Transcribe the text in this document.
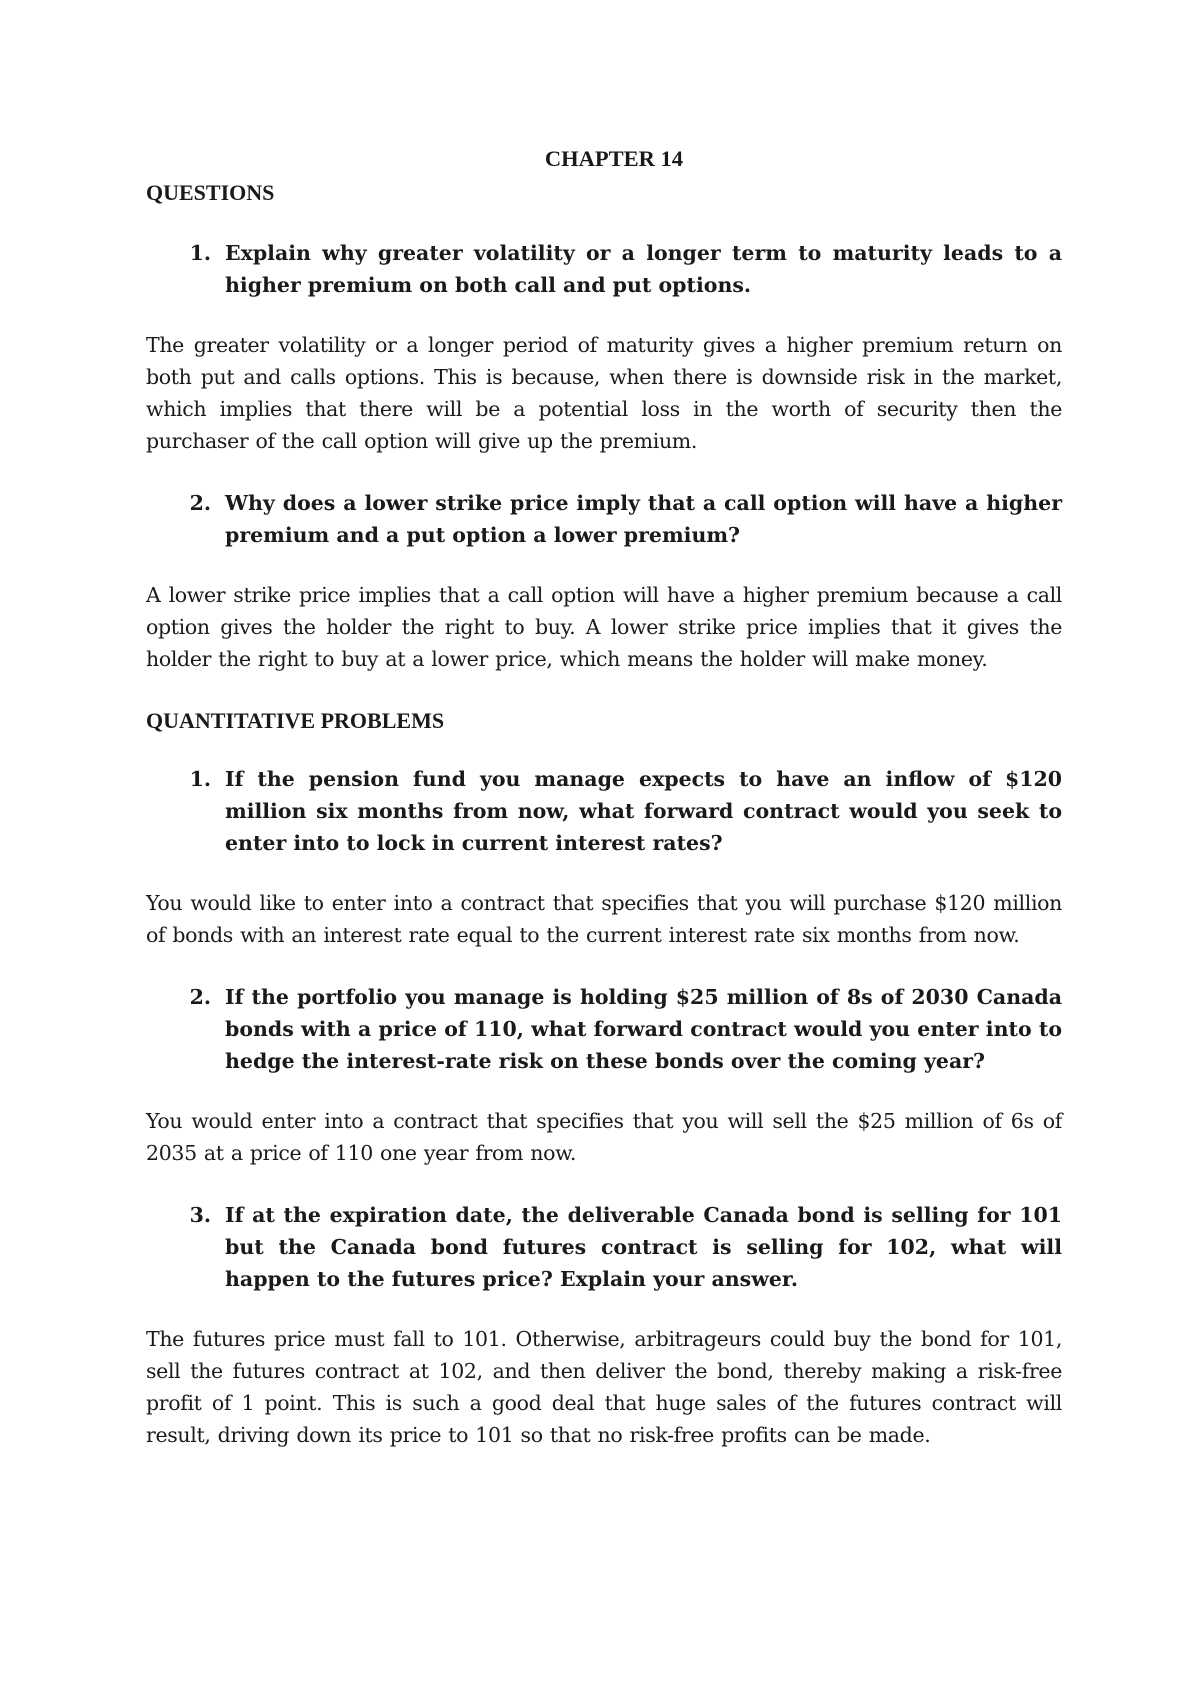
CHAPTER 14
QUESTIONS
1. Explain why greater volatility or a longer term to maturity leads to a higher premium on both call and put options.

The greater volatility or a longer period of maturity gives a higher premium return on both put and calls options. This is because, when there is downside risk in the market, which implies that there will be a potential loss in the worth of security then the purchaser of the call option will give up the premium.

2. Why does a lower strike price imply that a call option will have a higher premium and a put option a lower premium?

A lower strike price implies that a call option will have a higher premium because a call option gives the holder the right to buy. A lower strike price implies that it gives the holder the right to buy at a lower price, which means the holder will make money.

QUANTITATIVE PROBLEMS
1. If the pension fund you manage expects to have an inflow of $120 million six months from now, what forward contract would you seek to enter into to lock in current interest rates?

You would like to enter into a contract that specifies that you will purchase $120 million of bonds with an interest rate equal to the current interest rate six months from now.

2. If the portfolio you manage is holding $25 million of 8s of 2030 Canada bonds with a price of 110, what forward contract would you enter into to hedge the interest-rate risk on these bonds over the coming year?

You would enter into a contract that specifies that you will sell the $25 million of 6s of 2035 at a price of 110 one year from now.

3. If at the expiration date, the deliverable Canada bond is selling for 101 but the Canada bond futures contract is selling for 102, what will happen to the futures price? Explain your answer.

The futures price must fall to 101. Otherwise, arbitrageurs could buy the bond for 101, sell the futures contract at 102, and then deliver the bond, thereby making a risk-free profit of 1 point. This is such a good deal that huge sales of the futures contract will result, driving down its price to 101 so that no risk-free profits can be made.
